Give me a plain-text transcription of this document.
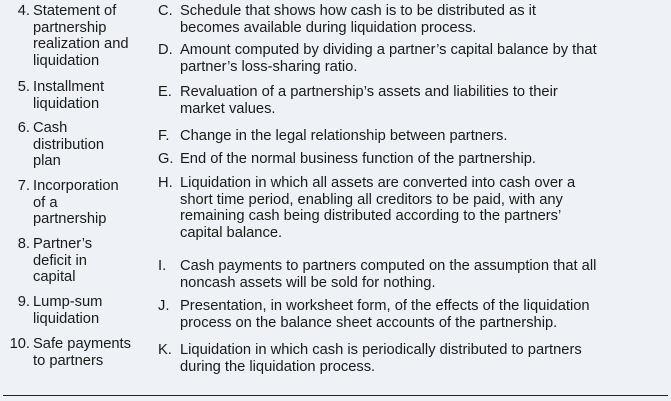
4. Statement of
partnership
realization and
liquidation
5. Installment
liquidation
6. Cash
distribution
plan
7. Incorporation
of a
partnership
8. Partner’s
deficit in
capital
9. Lump-sum
liquidation
10. Safe payments
to partners
C. Schedule that shows how cash is to be distributed as it
becomes available during liquidation process.
D. Amount computed by dividing a partner’s capital balance by that
partner’s loss-sharing ratio.
E. Revaluation of a partnership’s assets and liabilities to their
market values.
F. Change in the legal relationship between partners.
G. End of the normal business function of the partnership.
H. Liquidation in which all assets are converted into cash over a
short time period, enabling all creditors to be paid, with any
remaining cash being distributed according to the partners’
capital balance.
I. Cash payments to partners computed on the assumption that all
noncash assets will be sold for nothing.
J. Presentation, in worksheet form, of the effects of the liquidation
process on the balance sheet accounts of the partnership.
K. Liquidation in which cash is periodically distributed to partners
during the liquidation process.
